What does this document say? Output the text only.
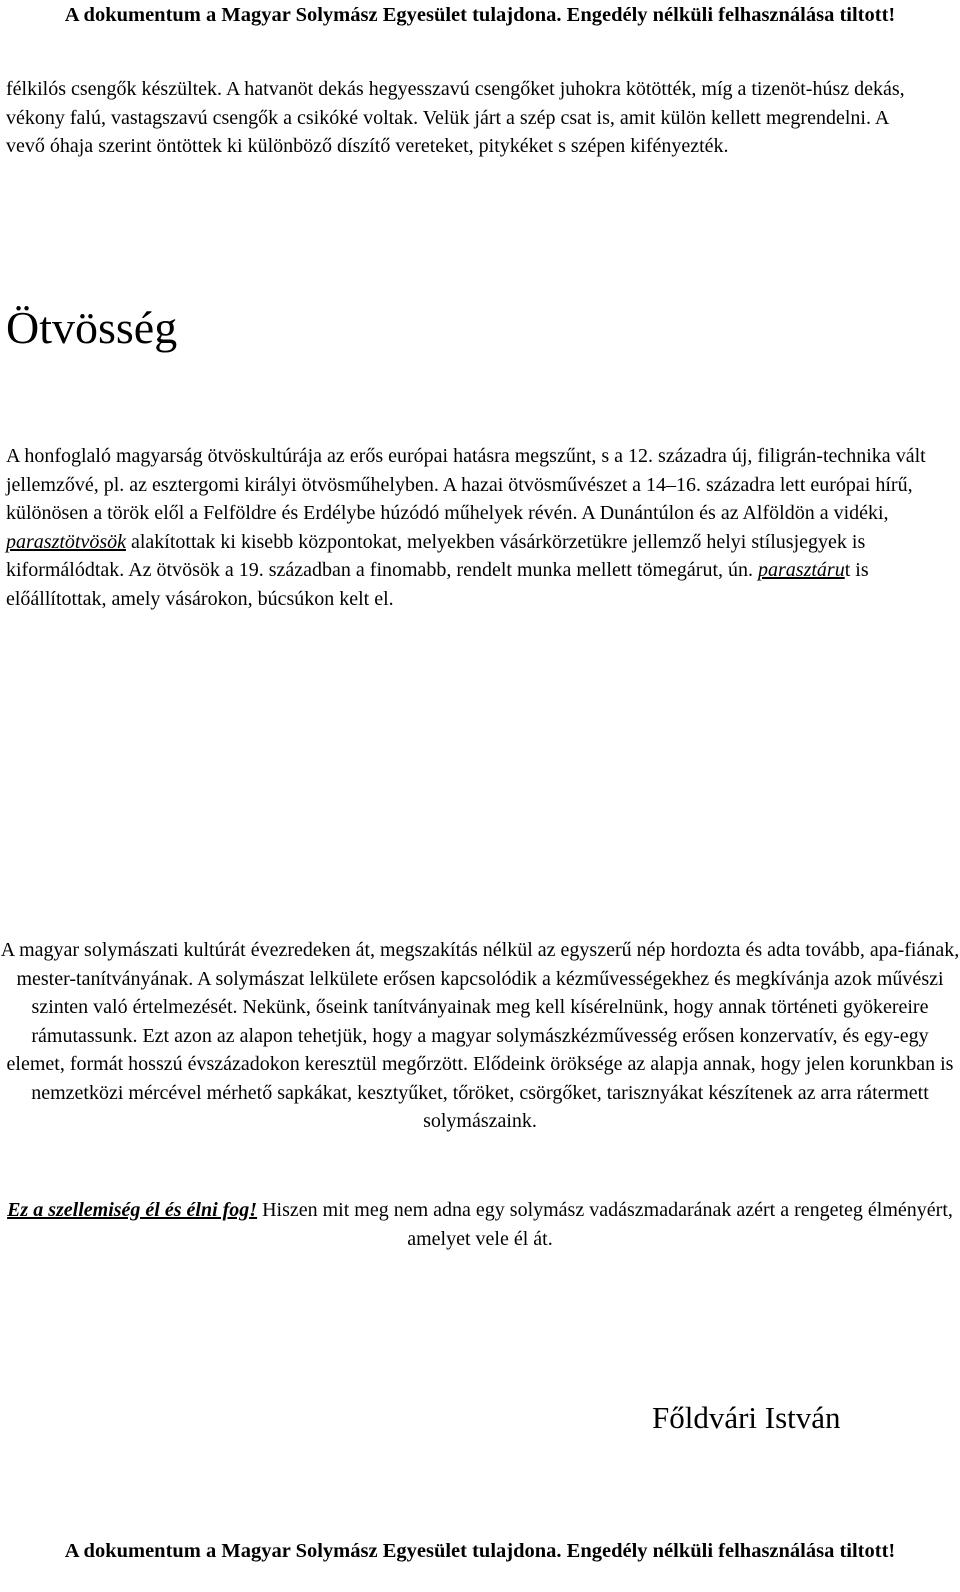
A dokumentum a Magyar Solymász Egyesület tulajdona. Engedély nélküli felhasználása tiltott!

félkilós csengők készültek. A hatvanöt dekás hegyesszavú csengőket juhokra kötötték, míg a tizenöt-húsz dekás, vékony falú, vastagszavú csengők a csikóké voltak. Velük járt a szép csat is, amit külön kellett megrendelni. A vevő óhaja szerint öntöttek ki különböző díszítő vereteket, pitykéket s szépen kifényezték.

Ötvösség

A honfoglaló magyarság ötvöskultúrája az erős európai hatásra megszűnt, s a 12. századra új, filigrán-technika vált jellemzővé, pl. az esztergomi királyi ötvösműhelyben. A hazai ötvösművészet a 14–16. századra lett európai hírű, különösen a török elől a Felföldre és Erdélybe húzódó műhelyek révén. A Dunántúlon és az Alföldön a vidéki, parasztötvösök alakítottak ki kisebb központokat, melyekben vásárkörzetükre jellemző helyi stílusjegyek is kiformálódtak. Az ötvösök a 19. században a finomabb, rendelt munka mellett tömegárut, ún. parasztárut is előállítottak, amely vásárokon, búcsúkon kelt el.

A magyar solymászati kultúrát évezredeken át, megszakítás nélkül az egyszerű nép hordozta és adta tovább, apa-fiának, mester-tanítványának. A solymászat lelkülete erősen kapcsolódik a kézművességekhez és megkívánja azok művészi szinten való értelmezését. Nekünk, őseink tanítványainak meg kell kísérelnünk, hogy annak történeti gyökereire rámutassunk. Ezt azon az alapon tehetjük, hogy a magyar solymászkézművesség erősen konzervatív, és egy-egy elemet, formát hosszú évszázadokon keresztül megőrzött. Elődeink öröksége az alapja annak, hogy jelen korunkban is nemzetközi mércével mérhető sapkákat, kesztyűket, tőröket, csörgőket, tarisznyákat készítenek az arra rátermett solymászaink.

Ez a szellemiség él és élni fog! Hiszen mit meg nem adna egy solymász vadászmadarának azért a rengeteg élményért, amelyet vele él át.

Főldvári István

A dokumentum a Magyar Solymász Egyesület tulajdona. Engedély nélküli felhasználása tiltott!
